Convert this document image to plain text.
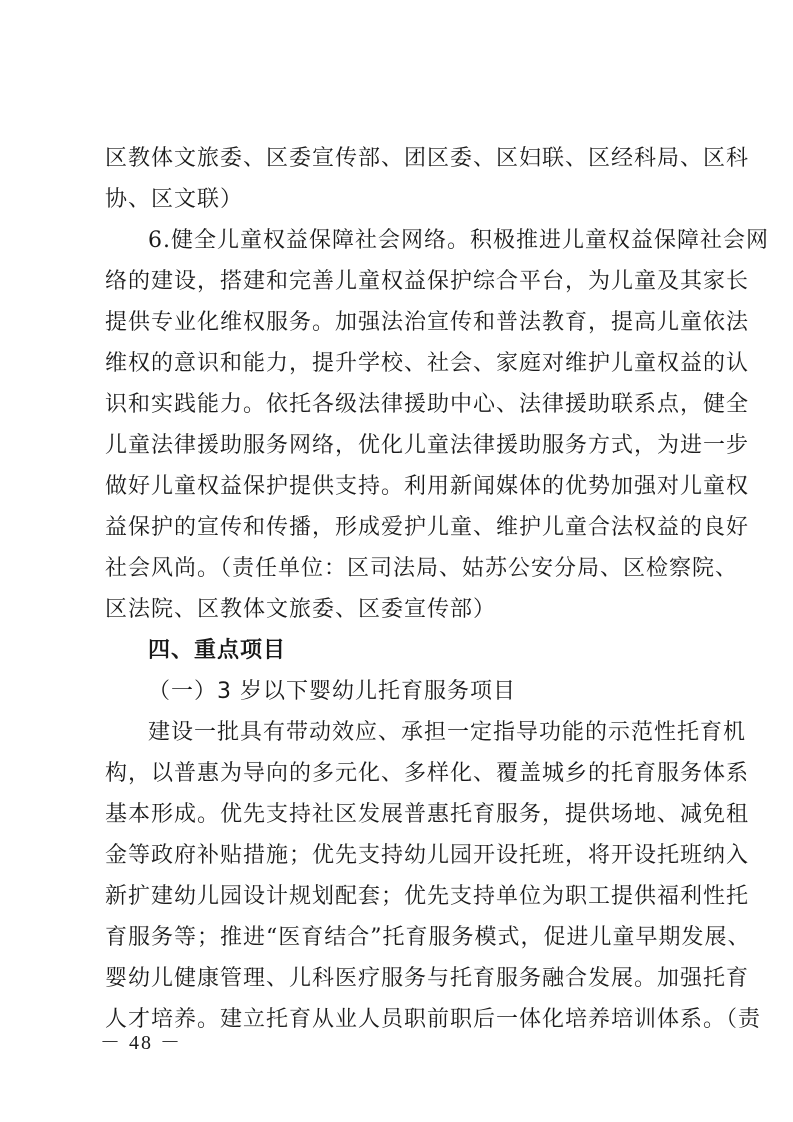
区教体文旅委、区委宣传部、团区委、区妇联、区经科局、区科
协、区文联）
6.健全儿童权益保障社会网络。积极推进儿童权益保障社会网
络的建设，搭建和完善儿童权益保护综合平台，为儿童及其家长
提供专业化维权服务。加强法治宣传和普法教育，提高儿童依法
维权的意识和能力，提升学校、社会、家庭对维护儿童权益的认
识和实践能力。依托各级法律援助中心、法律援助联系点，健全
儿童法律援助服务网络，优化儿童法律援助服务方式，为进一步
做好儿童权益保护提供支持。利用新闻媒体的优势加强对儿童权
益保护的宣传和传播，形成爱护儿童、维护儿童合法权益的良好
社会风尚。（责任单位：区司法局、姑苏公安分局、区检察院、
区法院、区教体文旅委、区委宣传部）
四、重点项目
（一）3 岁以下婴幼儿托育服务项目
建设一批具有带动效应、承担一定指导功能的示范性托育机
构，以普惠为导向的多元化、多样化、覆盖城乡的托育服务体系
基本形成。优先支持社区发展普惠托育服务，提供场地、减免租
金等政府补贴措施；优先支持幼儿园开设托班，将开设托班纳入
新扩建幼儿园设计规划配套；优先支持单位为职工提供福利性托
育服务等；推进“医育结合”托育服务模式，促进儿童早期发展、
婴幼儿健康管理、儿科医疗服务与托育服务融合发展。加强托育
人才培养。建立托育从业人员职前职后一体化培养培训体系。（责
－ 48 －
